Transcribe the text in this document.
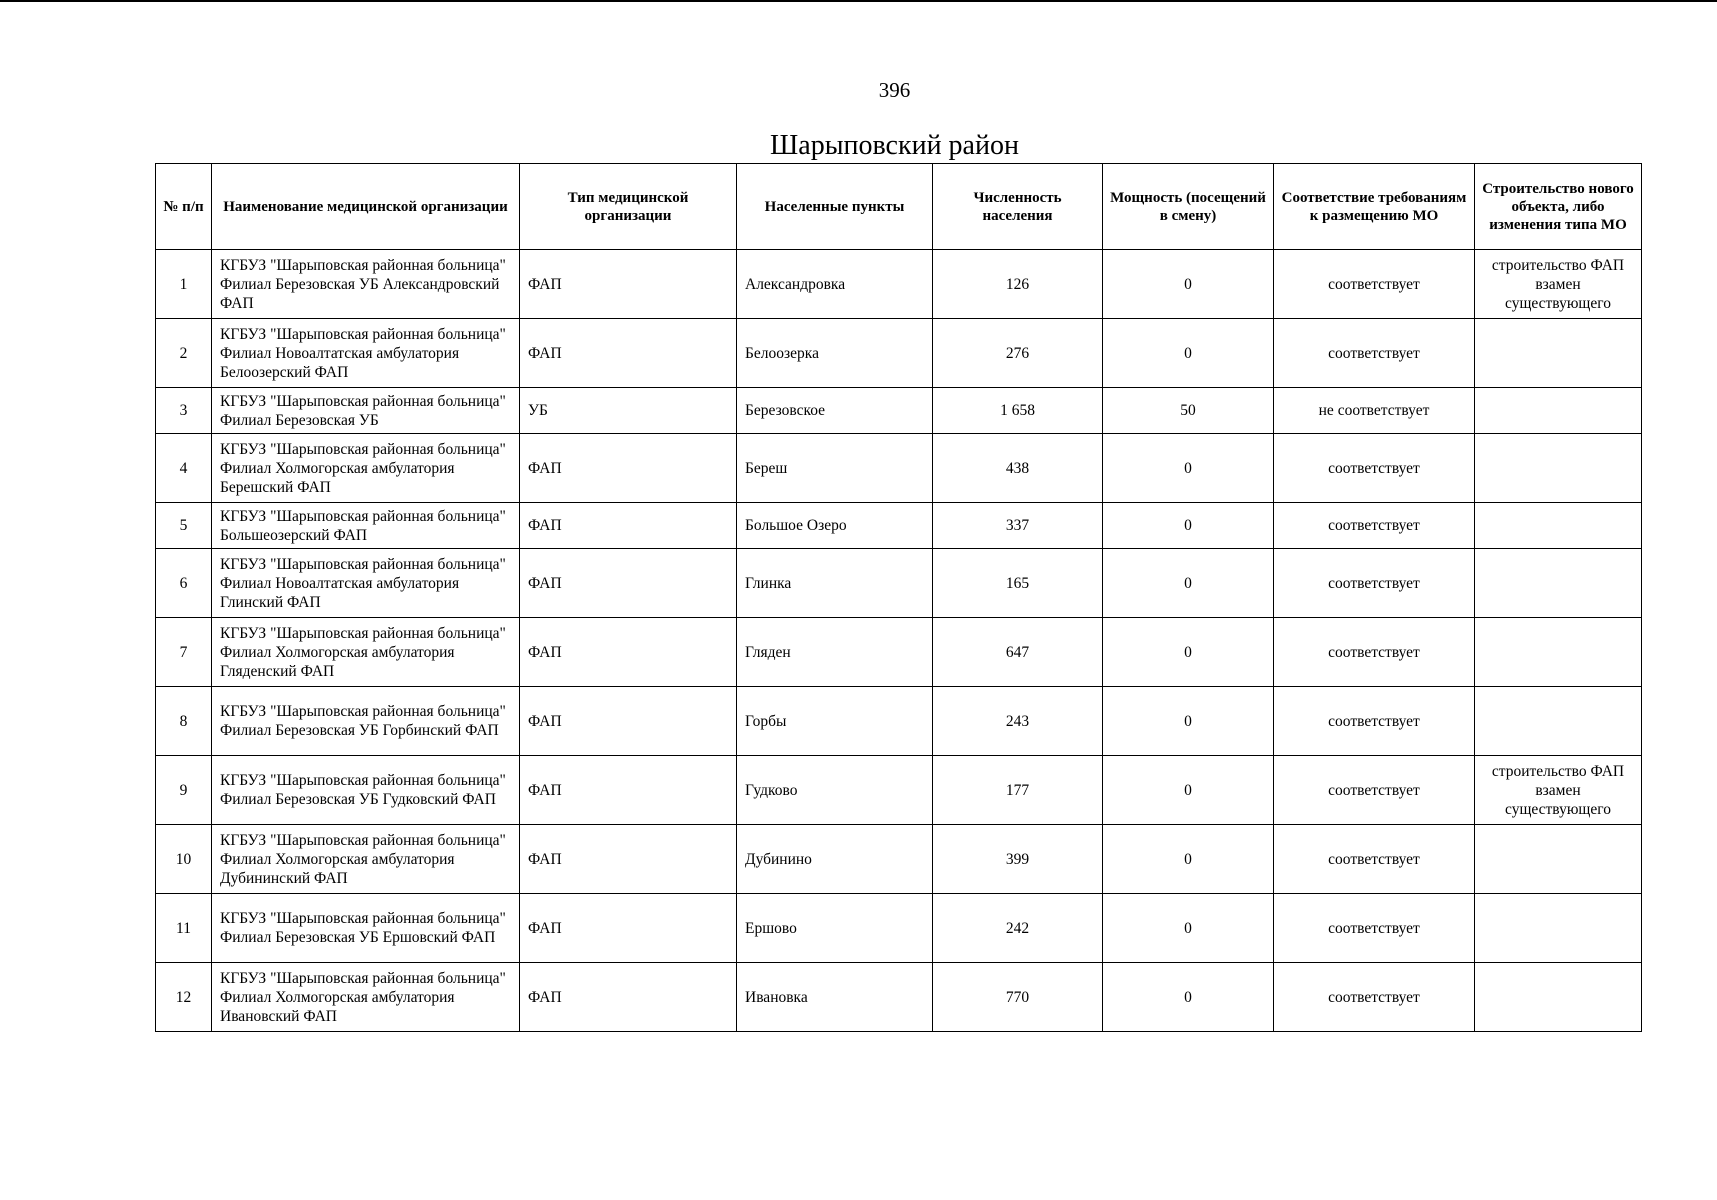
396
Шарыповский район
№ п/п	Наименование медицинской организации	Тип медицинской организации	Населенные пункты	Численность населения	Мощность (посещений в смену)	Соответствие требованиям к размещению МО	Строительство нового объекта, либо изменения типа МО
1	КГБУЗ "Шарыповская районная больница" Филиал Березовская УБ Александровский ФАП	ФАП	Александровка	126	0	соответствует	строительство ФАП взамен существующего
2	КГБУЗ "Шарыповская районная больница" Филиал Новоалтатская амбулатория Белоозерский ФАП	ФАП	Белоозерка	276	0	соответствует	
3	КГБУЗ "Шарыповская районная больница" Филиал Березовская УБ	УБ	Березовское	1 658	50	не соответствует	
4	КГБУЗ "Шарыповская районная больница" Филиал Холмогорская амбулатория Берешский ФАП	ФАП	Береш	438	0	соответствует	
5	КГБУЗ "Шарыповская районная больница" Большеозерский ФАП	ФАП	Большое Озеро	337	0	соответствует	
6	КГБУЗ "Шарыповская районная больница" Филиал Новоалтатская амбулатория Глинский ФАП	ФАП	Глинка	165	0	соответствует	
7	КГБУЗ "Шарыповская районная больница" Филиал Холмогорская амбулатория Гляденский ФАП	ФАП	Гляден	647	0	соответствует	
8	КГБУЗ "Шарыповская районная больница" Филиал Березовская УБ Горбинский ФАП	ФАП	Горбы	243	0	соответствует	
9	КГБУЗ "Шарыповская районная больница" Филиал Березовская УБ Гудковский ФАП	ФАП	Гудково	177	0	соответствует	строительство ФАП взамен существующего
10	КГБУЗ "Шарыповская районная больница" Филиал Холмогорская амбулатория Дубининский ФАП	ФАП	Дубинино	399	0	соответствует	
11	КГБУЗ "Шарыповская районная больница" Филиал Березовская УБ Ершовский ФАП	ФАП	Ершово	242	0	соответствует	
12	КГБУЗ "Шарыповская районная больница" Филиал Холмогорская амбулатория Ивановский ФАП	ФАП	Ивановка	770	0	соответствует	
